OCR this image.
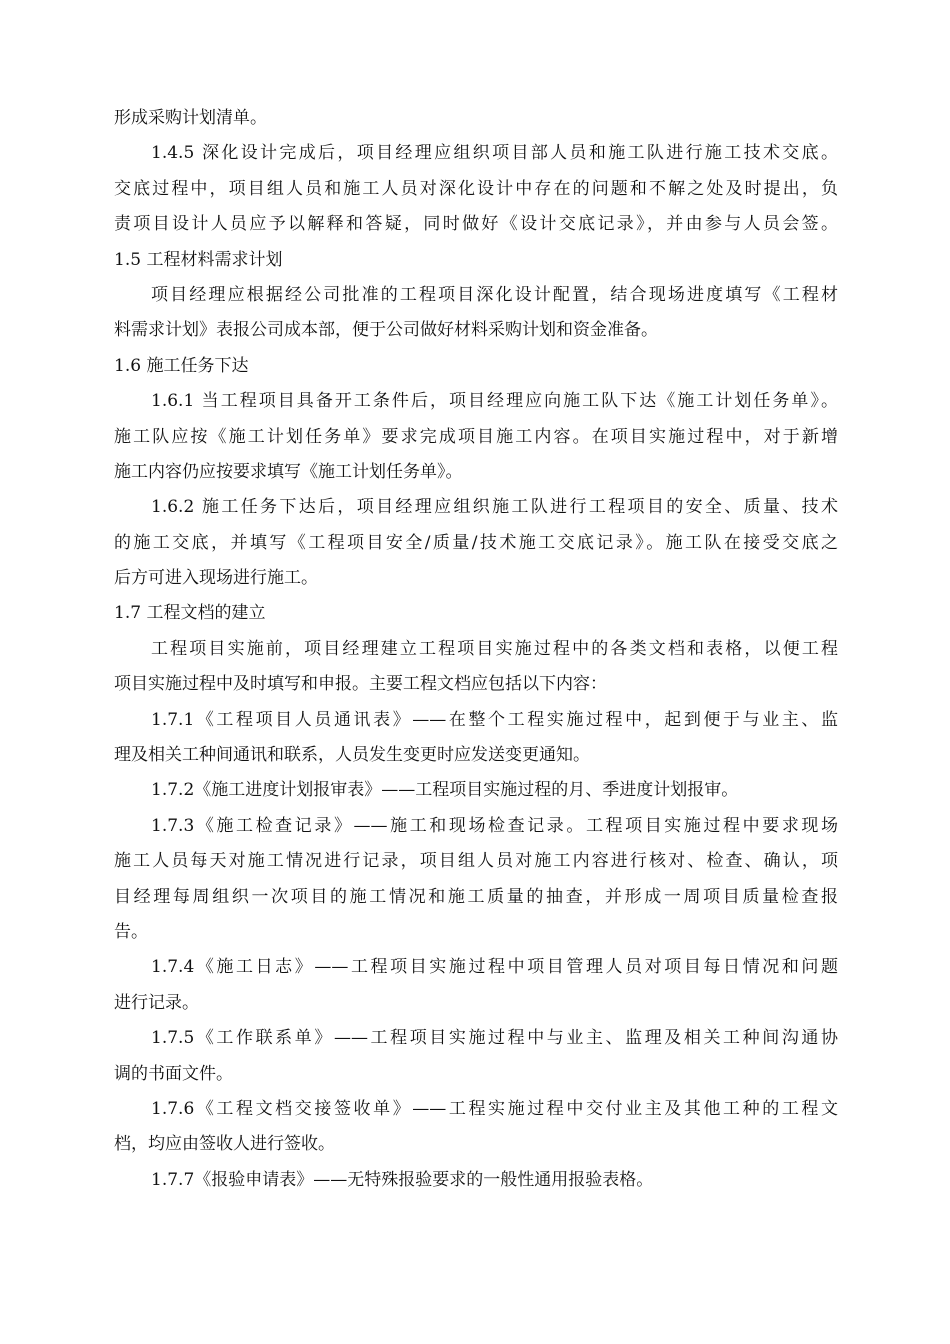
形成采购计划清单。
1.4.5 深化设计完成后，项目经理应组织项目部人员和施工队进行施工技术交底。
交底过程中，项目组人员和施工人员对深化设计中存在的问题和不解之处及时提出，负
责项目设计人员应予以解释和答疑，同时做好《设计交底记录》，并由参与人员会签。
1.5 工程材料需求计划
项目经理应根据经公司批准的工程项目深化设计配置，结合现场进度填写《工程材
料需求计划》表报公司成本部，便于公司做好材料采购计划和资金准备。
1.6 施工任务下达
1.6.1 当工程项目具备开工条件后，项目经理应向施工队下达《施工计划任务单》。
施工队应按《施工计划任务单》要求完成项目施工内容。在项目实施过程中，对于新增
施工内容仍应按要求填写《施工计划任务单》。
1.6.2 施工任务下达后，项目经理应组织施工队进行工程项目的安全、质量、技术
的施工交底，并填写《工程项目安全/质量/技术施工交底记录》。施工队在接受交底之
后方可进入现场进行施工。
1.7 工程文档的建立
工程项目实施前，项目经理建立工程项目实施过程中的各类文档和表格，以便工程
项目实施过程中及时填写和申报。主要工程文档应包括以下内容：
1.7.1《工程项目人员通讯表》——在整个工程实施过程中，起到便于与业主、监
理及相关工种间通讯和联系，人员发生变更时应发送变更通知。
1.7.2《施工进度计划报审表》——工程项目实施过程的月、季进度计划报审。
1.7.3《施工检查记录》——施工和现场检查记录。工程项目实施过程中要求现场
施工人员每天对施工情况进行记录，项目组人员对施工内容进行核对、检查、确认，项
目经理每周组织一次项目的施工情况和施工质量的抽查，并形成一周项目质量检查报
告。
1.7.4《施工日志》——工程项目实施过程中项目管理人员对项目每日情况和问题
进行记录。
1.7.5《工作联系单》——工程项目实施过程中与业主、监理及相关工种间沟通协
调的书面文件。
1.7.6《工程文档交接签收单》——工程实施过程中交付业主及其他工种的工程文
档，均应由签收人进行签收。
1.7.7《报验申请表》——无特殊报验要求的一般性通用报验表格。
